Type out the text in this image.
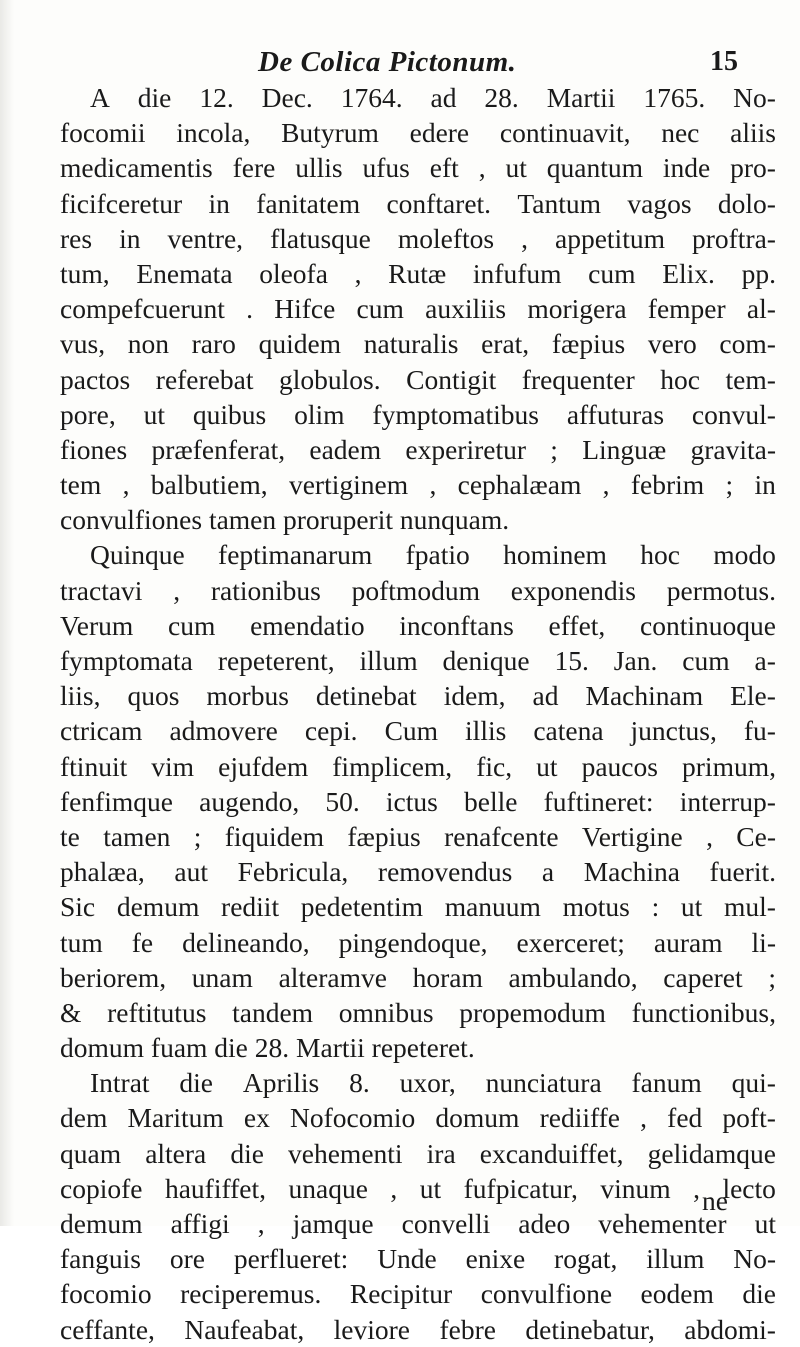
De Colica Pictonum.	15
A die 12. Dec. 1764. ad 28. Martii 1765. No-
focomii incola, Butyrum edere continuavit, nec aliis
medicamentis fere ullis ufus eft , ut quantum inde pro-
ficifceretur in fanitatem conftaret. Tantum vagos dolo-
res in ventre, flatusque moleftos , appetitum proftra-
tum, Enemata oleofa , Rutæ infufum cum Elix. pp.
compefcuerunt . Hifce cum auxiliis morigera femper al-
vus, non raro quidem naturalis erat, fæpius vero com-
pactos referebat globulos. Contigit frequenter hoc tem-
pore, ut quibus olim fymptomatibus affuturas convul-
fiones præfenferat, eadem experiretur ; Linguæ gravita-
tem , balbutiem, vertiginem , cephalæam , febrim ; in
convulfiones tamen proruperit nunquam.
Quinque feptimanarum fpatio hominem hoc modo
tractavi , rationibus poftmodum exponendis permotus.
Verum cum emendatio inconftans effet, continuoque
fymptomata repeterent, illum denique 15. Jan. cum a-
liis, quos morbus detinebat idem, ad Machinam Ele-
ctricam admovere cepi. Cum illis catena junctus, fu-
ftinuit vim ejufdem fimplicem, fic, ut paucos primum,
fenfimque augendo, 50. ictus belle fuftineret: interrup-
te tamen ; fiquidem fæpius renafcente Vertigine , Ce-
phalæa, aut Febricula, removendus a Machina fuerit.
Sic demum rediit pedetentim manuum motus : ut mul-
tum fe delineando, pingendoque, exerceret; auram li-
beriorem, unam alteramve horam ambulando, caperet ;
& reftitutus tandem omnibus propemodum functionibus,
domum fuam die 28. Martii repeteret.
Intrat die Aprilis 8. uxor, nunciatura fanum qui-
dem Maritum ex Nofocomio domum rediiffe , fed poft-
quam altera die vehementi ira excanduiffet, gelidamque
copiofe haufiffet, unaque , ut fufpicatur, vinum , lecto
demum affigi , jamque convelli adeo vehementer ut
fanguis ore perflueret: Unde enixe rogat, illum No-
focomio reciperemus. Recipitur convulfione eodem die
ceffante, Naufeabat, leviore febre detinebatur, abdomi-
ne
